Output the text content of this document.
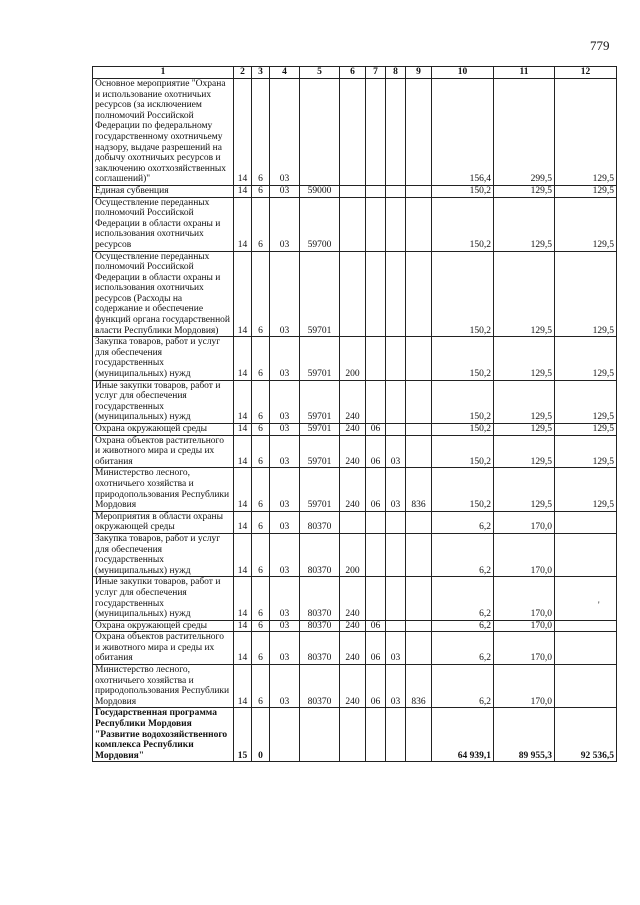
779
1	2	3	4	5	6	7	8	9	10	11	12
Основное мероприятие "Охрана и использование охотничьих ресурсов (за исключением полномочий Российской Федерации по федеральному государственному охотничьему надзору, выдаче разрешений на добычу охотничьих ресурсов и заключению охотхозяйственных соглашений)"	14	6	03						156,4	299,5	129,5
Единая субвенция	14	6	03	59000					150,2	129,5	129,5
Осуществление переданных полномочий Российской Федерации в области охраны и использования охотничьих ресурсов	14	6	03	59700					150,2	129,5	129,5
Осуществление переданных полномочий Российской Федерации в области охраны и использования охотничьих ресурсов (Расходы на содержание и обеспечение функций органа государственной власти Республики Мордовия)	14	6	03	59701					150,2	129,5	129,5
Закупка товаров, работ и услуг для обеспечения государственных (муниципальных) нужд	14	6	03	59701	200				150,2	129,5	129,5
Иные закупки товаров, работ и услуг для обеспечения государственных (муниципальных) нужд	14	6	03	59701	240				150,2	129,5	129,5
Охрана окружающей среды	14	6	03	59701	240	06			150,2	129,5	129,5
Охрана объектов растительного и животного мира и среды их обитания	14	6	03	59701	240	06	03		150,2	129,5	129,5
Министерство лесного, охотничьего хозяйства и природопользования Республики Мордовия	14	6	03	59701	240	06	03	836	150,2	129,5	129,5
Мероприятия в области охраны окружающей среды	14	6	03	80370					6,2	170,0	
Закупка товаров, работ и услуг для обеспечения государственных (муниципальных) нужд	14	6	03	80370	200				6,2	170,0	
Иные закупки товаров, работ и услуг для обеспечения государственных (муниципальных) нужд	14	6	03	80370	240				6,2	170,0	
Охрана окружающей среды	14	6	03	80370	240	06			6,2	170,0	
Охрана объектов растительного и животного мира и среды их обитания	14	6	03	80370	240	06	03		6,2	170,0	
Министерство лесного, охотничьего хозяйства и природопользования Республики Мордовия	14	6	03	80370	240	06	03	836	6,2	170,0	
Государственная программа Республики Мордовия "Развитие водохозяйственного комплекса Республики Мордовия"	15	0							64 939,1	89 955,3	92 536,5
'
